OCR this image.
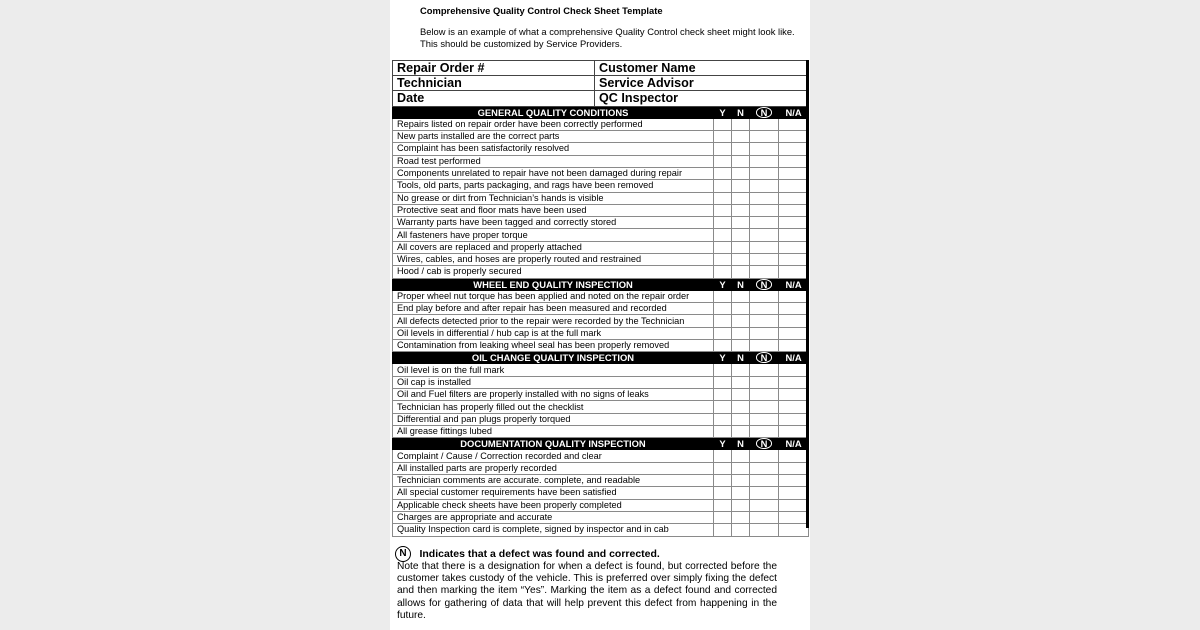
Comprehensive Quality Control Check Sheet Template
Below is an example of what a comprehensive Quality Control check sheet might look like. This should be customized by Service Providers.
Repair Order #	Customer Name				
Technician	Service Advisor				
Date	QC Inspector				
GENERAL QUALITY CONDITIONS		Y	N	N	N/A
Repairs listed on repair order have been correctly performed					
New parts installed are the correct parts					
Complaint has been satisfactorily resolved					
Road test performed					
Components unrelated to repair have not been damaged during repair					
Tools, old parts, parts packaging, and rags have been removed					
No grease or dirt from Technician’s hands is visible					
Protective seat and floor mats have been used					
Warranty parts have been tagged and correctly stored					
All fasteners have proper torque					
All covers are replaced and properly attached					
Wires, cables, and hoses are properly routed and restrained					
Hood / cab is properly secured					
WHEEL END QUALITY INSPECTION		Y	N	N	N/A
Proper wheel nut torque has been applied and noted on the repair order					
End play before and after repair has been measured and recorded					
All defects detected prior to the repair were recorded by the Technician					
Oil levels in differential / hub cap is at the full mark					
Contamination from leaking wheel seal has been properly removed					
OIL CHANGE QUALITY INSPECTION		Y	N	N	N/A
Oil level is on the full mark					
Oil cap is installed					
Oil and Fuel filters are properly installed with no signs of leaks					
Technician has properly filled out the checklist					
Differential and pan plugs properly torqued					
All grease fittings lubed					
DOCUMENTATION QUALITY INSPECTION		Y	N	N	N/A
Complaint / Cause / Correction recorded and clear					
All installed parts are properly recorded					
Technician comments are accurate. complete, and readable					
All special customer requirements have been satisfied					
Applicable check sheets have been properly completed					
Charges are appropriate and accurate					
Quality Inspection card is complete, signed by inspector and in cab					
N Indicates that a defect was found and corrected.
Note that there is a designation for when a defect is found, but corrected before the customer takes custody of the vehicle. This is preferred over simply fixing the defect and then marking the item “Yes”. Marking the item as a defect found and corrected allows for gathering of data that will help prevent this defect from happening in the future.
